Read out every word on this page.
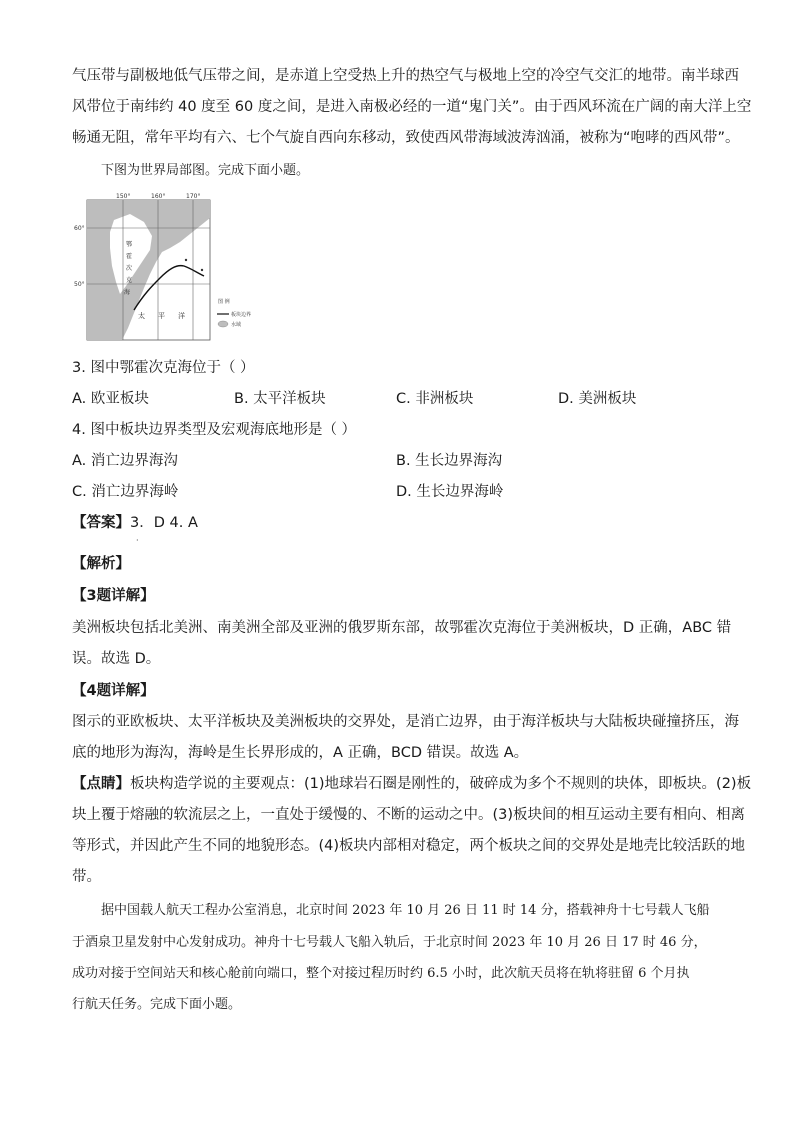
气压带与副极地低气压带之间，是赤道上空受热上升的热空气与极地上空的冷空气交汇的地带。南半球西
风带位于南纬约 40 度至 60 度之间，是进入南极必经的一道“鬼门关”。由于西风环流在广阔的南大洋上空
畅通无阻，常年平均有六、七个气旋自西向东移动，致使西风带海域波涛汹涌，被称为“咆哮的西风带”。
下图为世界局部图。完成下面小题。
150°	160°	170°
60°
50°
鄂
霍
次
克
海
太 平 洋
图 例
板块边界
水域
3. 图中鄂霍次克海位于（ ）
A. 欧亚板块	B. 太平洋板块	C. 非洲板块	D. 美洲板块
4. 图中板块边界类型及宏观海底地形是（ ）
A. 消亡边界海沟	B. 生长边界海沟
C. 消亡边界海岭	D. 生长边界海岭
【答案】3．D 4. A
·
【解析】
【3题详解】
美洲板块包括北美洲、南美洲全部及亚洲的俄罗斯东部，故鄂霍次克海位于美洲板块，D 正确，ABC 错
误。故选 D。
【4题详解】
图示的亚欧板块、太平洋板块及美洲板块的交界处，是消亡边界，由于海洋板块与大陆板块碰撞挤压，海
底的地形为海沟，海岭是生长界形成的，A 正确，BCD 错误。故选 A。
【点睛】板块构造学说的主要观点：(1)地球岩石圈是刚性的，破碎成为多个不规则的块体，即板块。(2)板
块上覆于熔融的软流层之上，一直处于缓慢的、不断的运动之中。(3)板块间的相互运动主要有相向、相离
等形式，并因此产生不同的地貌形态。(4)板块内部相对稳定，两个板块之间的交界处是地壳比较活跃的地
带。
据中国载人航天工程办公室消息，北京时间 2023 年 10 月 26 日 11 时 14 分，搭载神舟十七号载人飞船
于酒泉卫星发射中心发射成功。神舟十七号载人飞船入轨后，于北京时间 2023 年 10 月 26 日 17 时 46 分，
成功对接于空间站天和核心舱前向端口，整个对接过程历时约 6.5 小时，此次航天员将在轨将驻留 6 个月执
行航天任务。完成下面小题。
